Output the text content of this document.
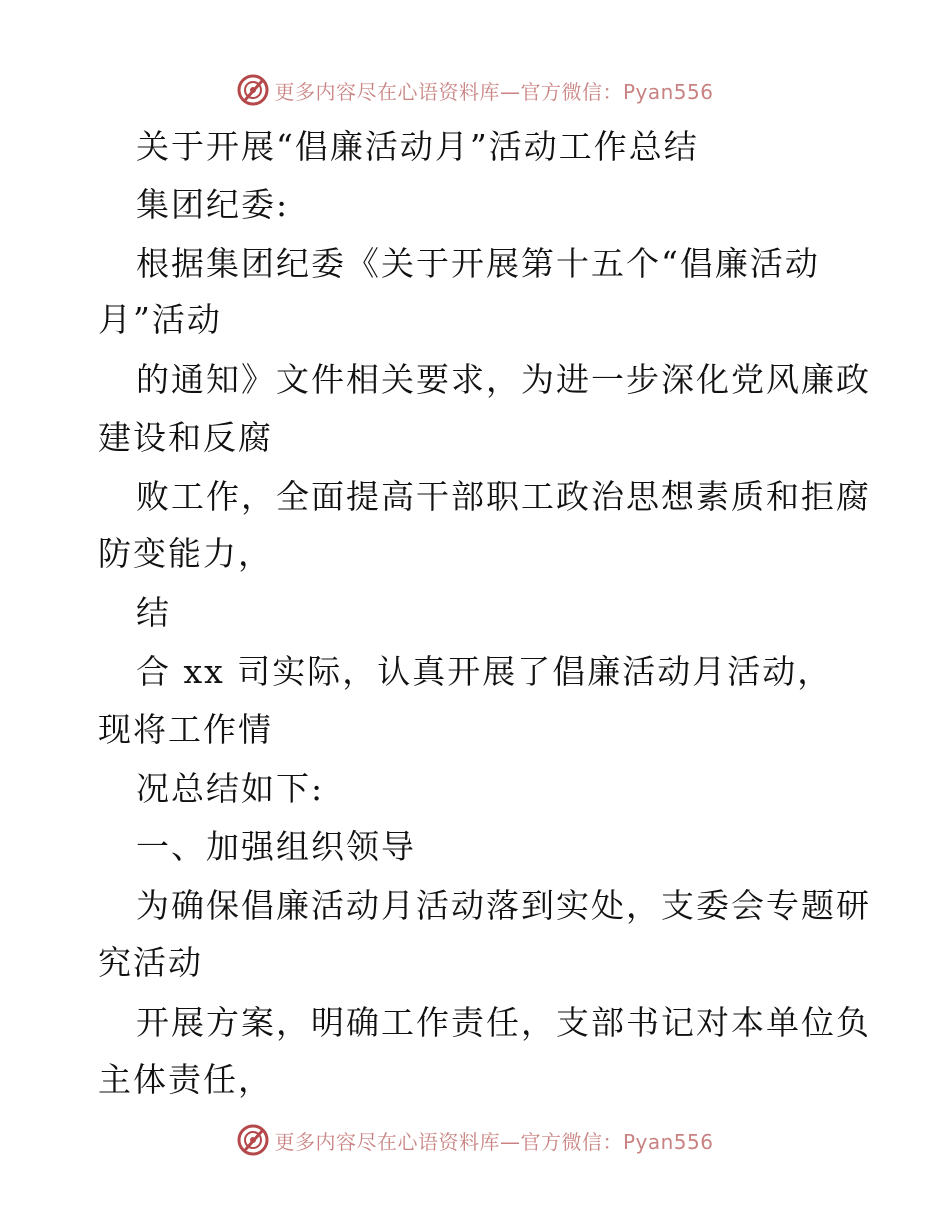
更多内容尽在心语资料库—官方微信：Pyan556
关于开展“倡廉活动月”活动工作总结
集团纪委:
根据集团纪委《关于开展第十五个“倡廉活动
月”活动
的通知》文件相关要求，为进一步深化党风廉政
建设和反腐
败工作，全面提高干部职工政治思想素质和拒腐
防变能力，
结
合 xx 司实际，认真开展了倡廉活动月活动，
现将工作情
况总结如下:
一、加强组织领导
为确保倡廉活动月活动落到实处，支委会专题研
究活动
开展方案，明确工作责任，支部书记对本单位负
主体责任，
更多内容尽在心语资料库—官方微信：Pyan556
